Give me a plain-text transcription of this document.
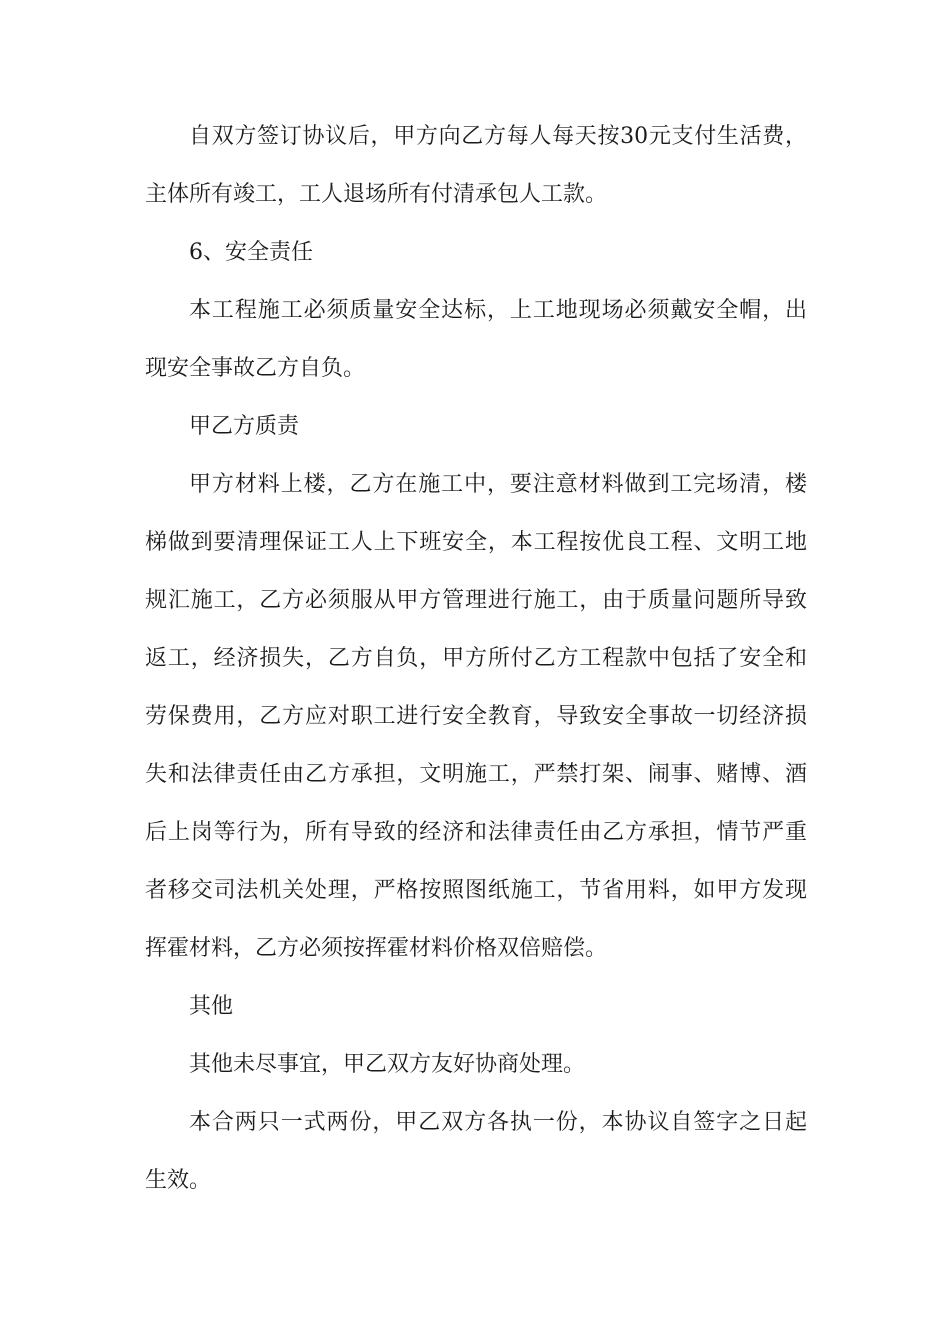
自双方签订协议后，甲方向乙方每人每天按30元支付生活费，
主体所有竣工，工人退场所有付清承包人工款。
6、安全责任
本工程施工必须质量安全达标，上工地现场必须戴安全帽，出
现安全事故乙方自负。
甲乙方质责
甲方材料上楼，乙方在施工中，要注意材料做到工完场清，楼
梯做到要清理保证工人上下班安全，本工程按优良工程、文明工地
规汇施工，乙方必须服从甲方管理进行施工，由于质量问题所导致
返工，经济损失，乙方自负，甲方所付乙方工程款中包括了安全和
劳保费用，乙方应对职工进行安全教育，导致安全事故一切经济损
失和法律责任由乙方承担，文明施工，严禁打架、闹事、赌博、酒
后上岗等行为，所有导致的经济和法律责任由乙方承担，情节严重
者移交司法机关处理，严格按照图纸施工，节省用料，如甲方发现
挥霍材料，乙方必须按挥霍材料价格双倍赔偿。
其他
其他未尽事宜，甲乙双方友好协商处理。
本合两只一式两份，甲乙双方各执一份，本协议自签字之日起
生效。
